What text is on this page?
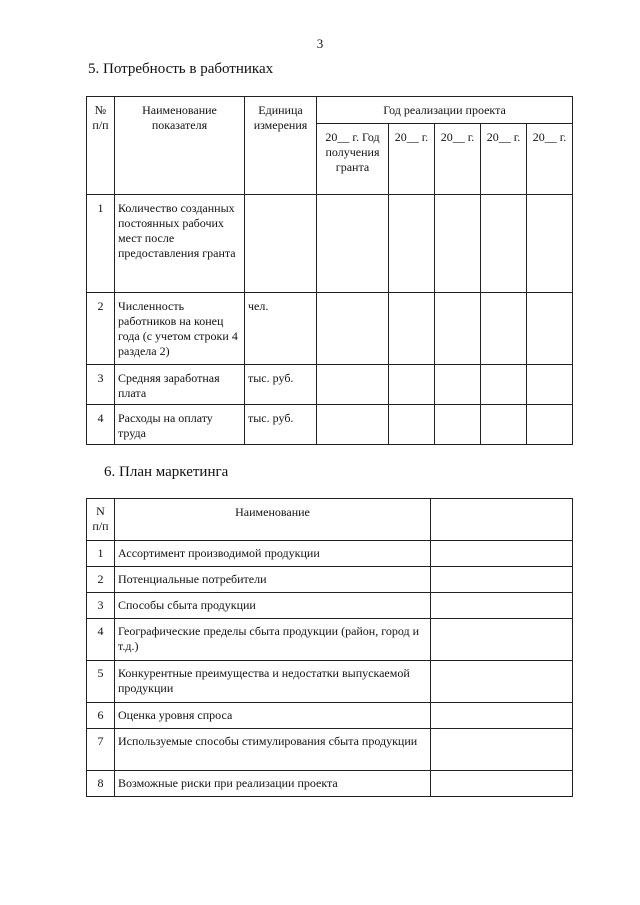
3
5. Потребность в работниках
№ п/п	Наименование показателя	Единица измерения	Год реализации проекта				
			20__ г. Год получения гранта	20__ г.	20__ г.	20__ г.	20__ г.
1	Количество созданных постоянных рабочих мест после предоставления гранта						
2	Численность работников на конец года (с учетом строки 4 раздела 2)	чел.					
3	Средняя заработная плата	тыс. руб.					
4	Расходы на оплату труда	тыс. руб.					
6. План маркетинга
N п/п	Наименование	
1	Ассортимент производимой продукции	
2	Потенциальные потребители	
3	Способы сбыта продукции	
4	Географические пределы сбыта продукции (район, город и т.д.)	
5	Конкурентные преимущества и недостатки выпускаемой продукции	
6	Оценка уровня спроса	
7	Используемые способы стимулирования сбыта продукции	
8	Возможные риски при реализации проекта	
